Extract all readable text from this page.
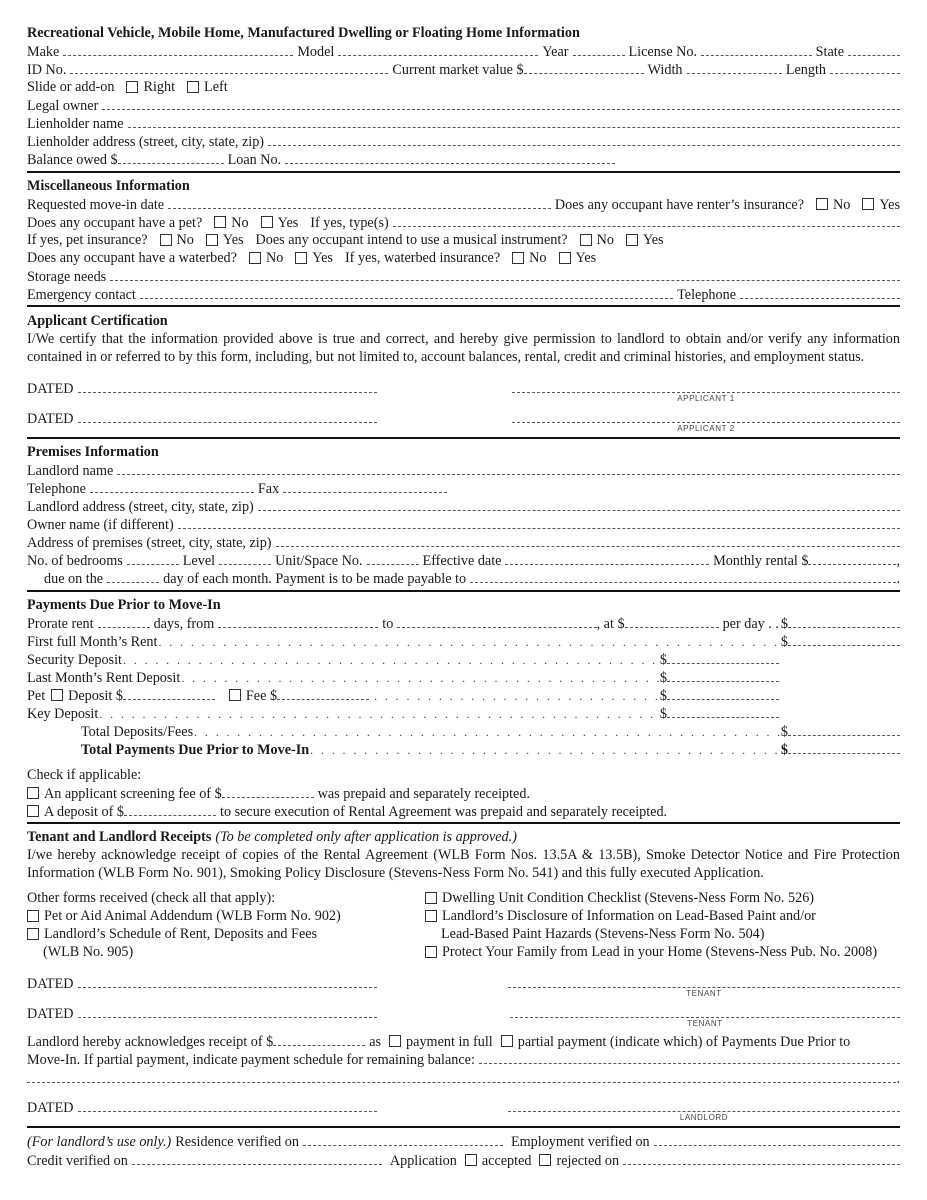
Recreational Vehicle, Mobile Home, Manufactured Dwelling or Floating Home Information
Make	Model	Year	License No.	State
ID No.	Current market value $	Width	Length
Slide or add-on Right Left
Legal owner
Lienholder name
Lienholder address (street, city, state, zip)
Balance owed $	Loan No.
Miscellaneous Information
Requested move-in date	Does any occupant have renter’s insurance? No Yes
Does any occupant have a pet? No Yes If yes, type(s)
If yes, pet insurance? No Yes Does any occupant intend to use a musical instrument? No Yes
Does any occupant have a waterbed? No Yes If yes, waterbed insurance? No Yes
Storage needs
Emergency contact	Telephone
Applicant Certification
I/We certify that the information provided above is true and correct, and hereby give permission to landlord to obtain and/or verify any information contained in or referred to by this form, including, but not limited to, account balances, rental, credit and criminal histories, and employment status.
DATED
APPLICANT 1
DATED
APPLICANT 2
Premises Information
Landlord name
Telephone	Fax
Landlord address (street, city, state, zip)
Owner name (if different)
Address of premises (street, city, state, zip)
No. of bedrooms	Level	Unit/Space No.	Effective date	Monthly rental $	,
due on the	day of each month. Payment is to be made payable to	.
Payments Due Prior to Move-In
Prorate rent	days, from	to	, at $	per day . . $
First full Month’s Rent . . .	$
Security Deposit . . .	$
Last Month’s Rent Deposit . . .	$
Pet Deposit $	Fee $ . . .	$
Key Deposit . . .	$
Total Deposits/Fees . . .	$
Total Payments Due Prior to Move-In . . .	$
Check if applicable:
An applicant screening fee of $	was prepaid and separately receipted.
A deposit of $	to secure execution of Rental Agreement was prepaid and separately receipted.
Tenant and Landlord Receipts (To be completed only after application is approved.)
I/we hereby acknowledge receipt of copies of the Rental Agreement (WLB Form Nos. 13.5A & 13.5B), Smoke Detector Notice and Fire Protection Information (WLB Form No. 901), Smoking Policy Disclosure (Stevens-Ness Form No. 541) and this fully executed Application.
Other forms received (check all that apply):
Pet or Aid Animal Addendum (WLB Form No. 902)
Landlord’s Schedule of Rent, Deposits and Fees
(WLB No. 905)
Dwelling Unit Condition Checklist (Stevens-Ness Form No. 526)
Landlord’s Disclosure of Information on Lead-Based Paint and/or
Lead-Based Paint Hazards (Stevens-Ness Form No. 504)
Protect Your Family from Lead in your Home (Stevens-Ness Pub. No. 2008)
DATED
TENANT
DATED
TENANT
Landlord hereby acknowledges receipt of $	as payment in full partial payment (indicate which) of Payments Due Prior to
Move-In. If partial payment, indicate payment schedule for remaining balance:
.
DATED
LANDLORD
(For landlord’s use only.) Residence verified on	Employment verified on
Credit verified on	Application accepted rejected on
